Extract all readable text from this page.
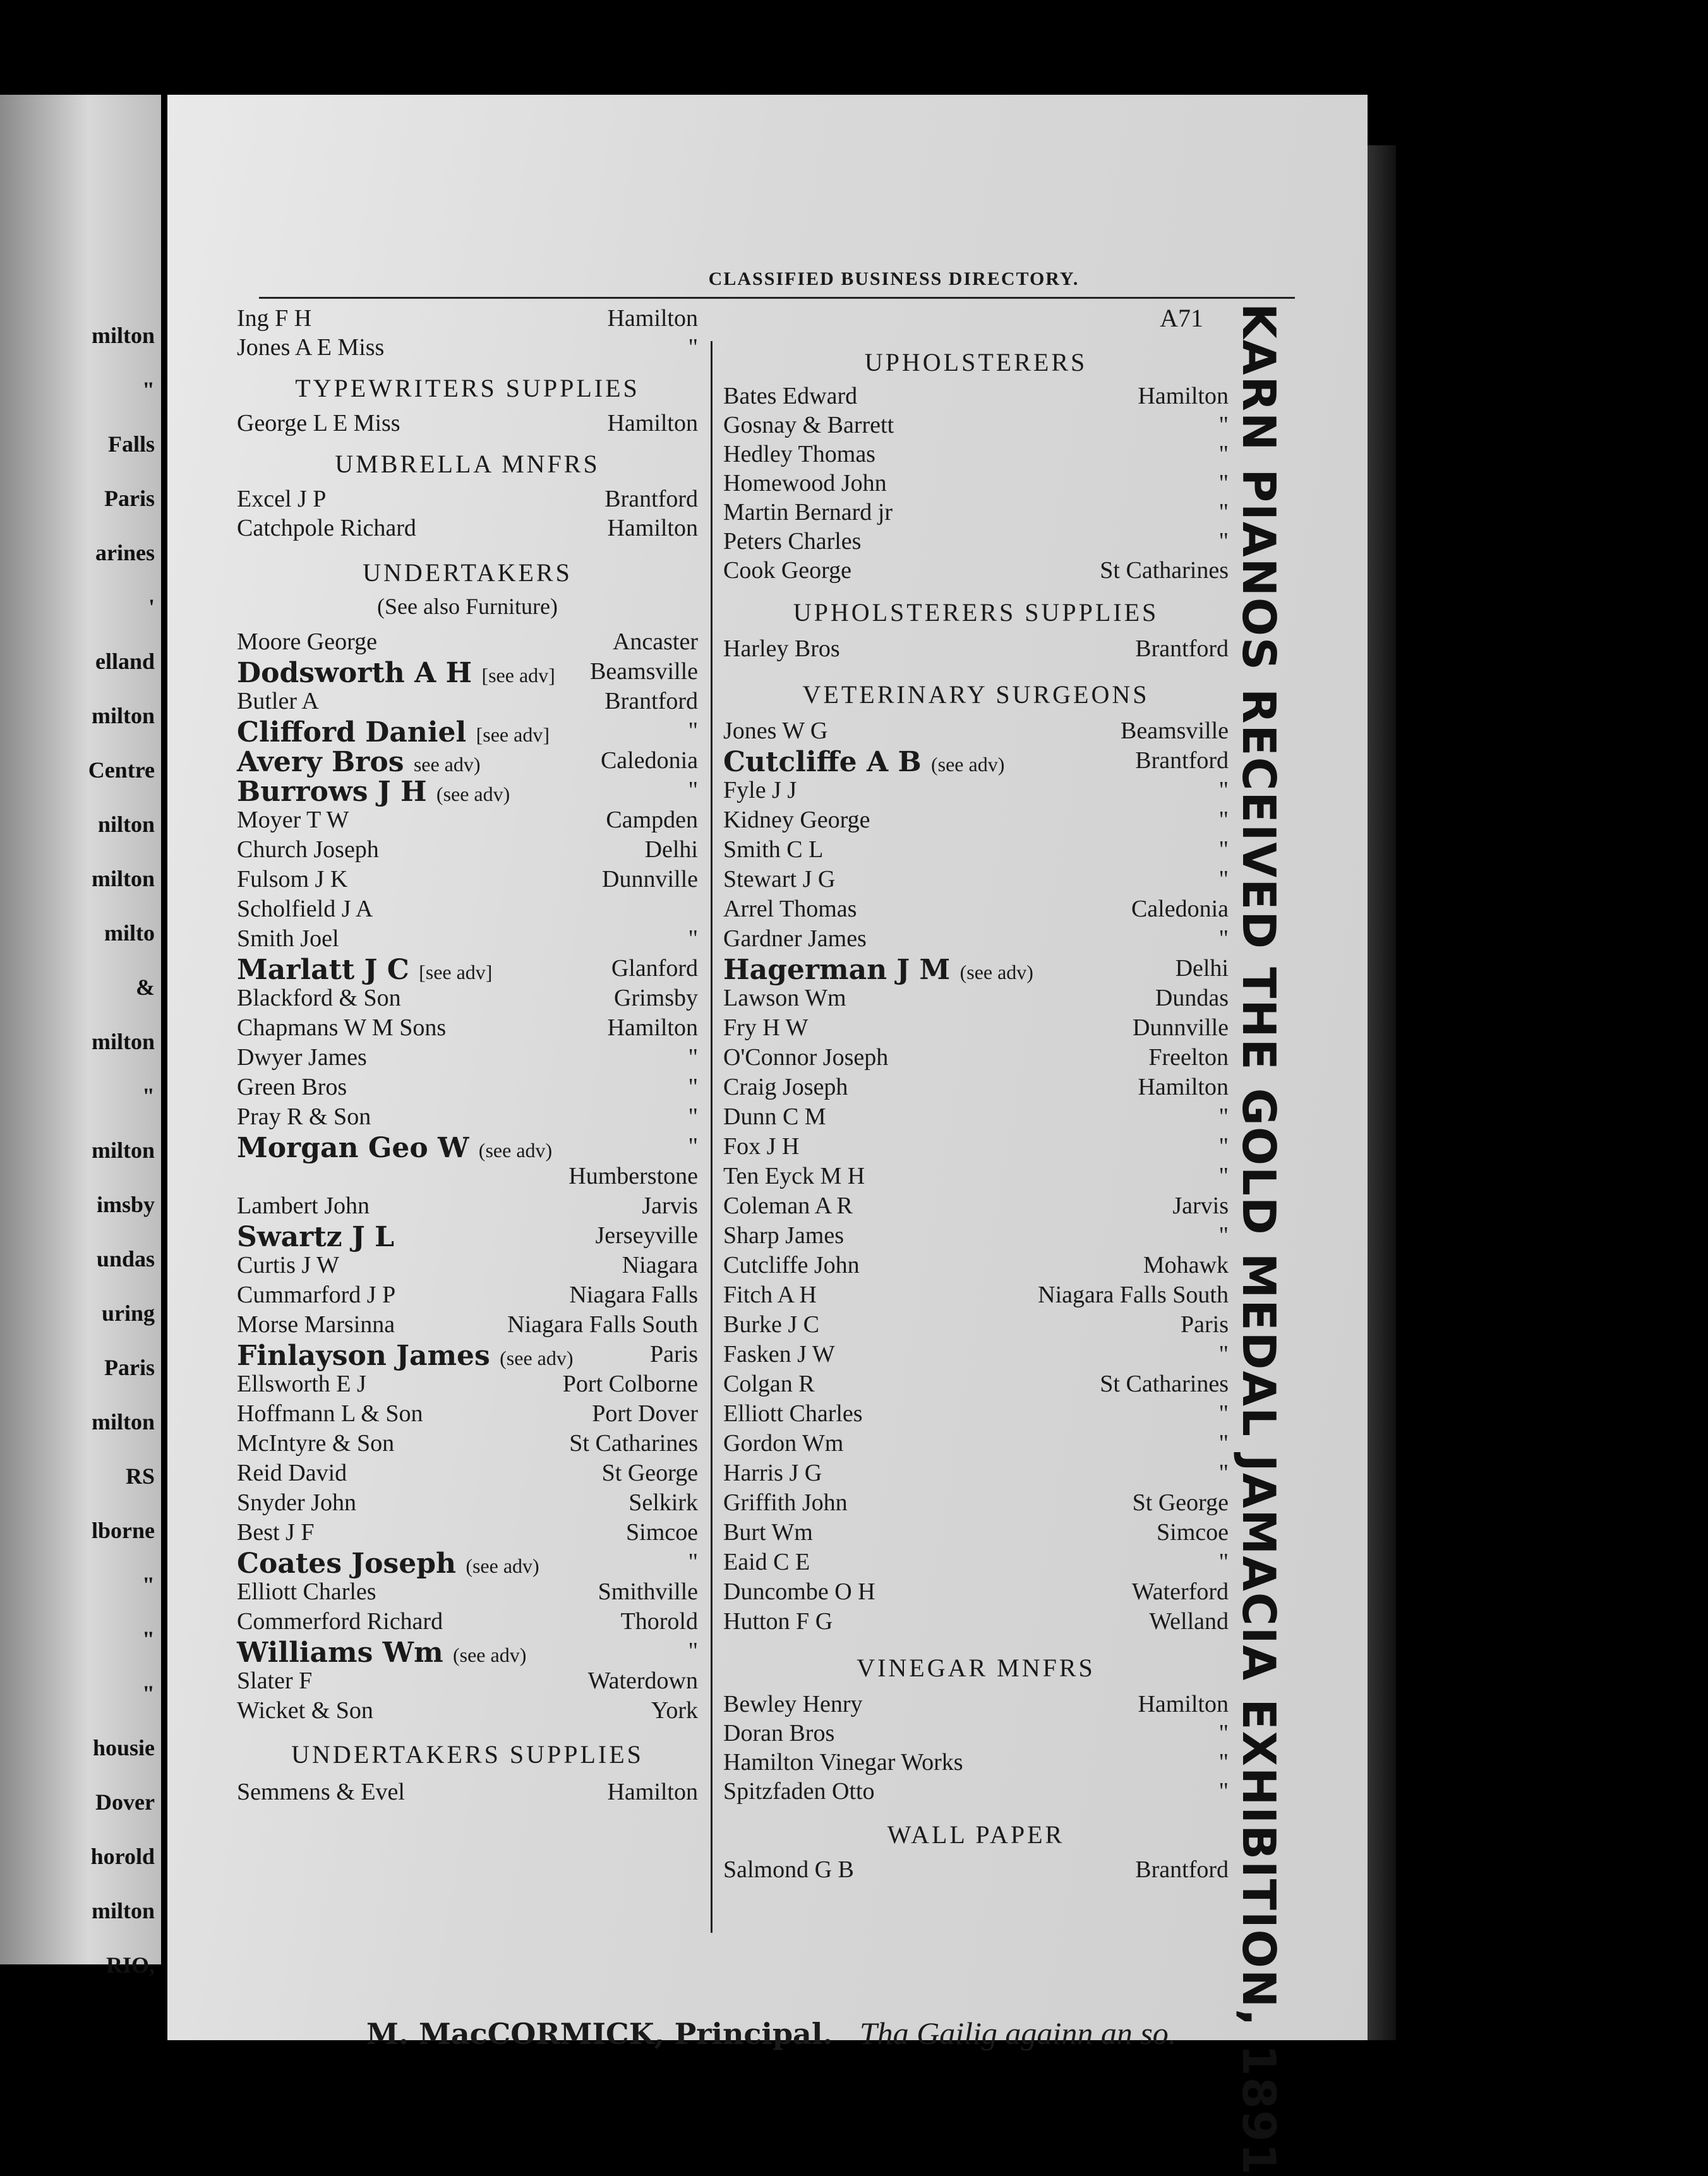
milton
"
Falls
Paris
arines
'
elland
milton
Centre
nilton
milton
milto
&
milton
"
milton
imsby
undas
uring
Paris
milton
RS
lborne
"
"
"
housie
Dover
horold
milton
RIO,
CLASSIFIED BUSINESS DIRECTORY.
A71
Ing F H	Hamilton
Jones A E Miss	"
TYPEWRITERS SUPPLIES
George L E Miss	Hamilton
UMBRELLA MNFRS
Excel J P	Brantford
Catchpole Richard	Hamilton
UNDERTAKERS
(See also Furniture)
Moore George	Ancaster
Dodsworth A H [see adv] Beamsville
Butler A	Brantford
Clifford Daniel [see adv]	"
Avery Bros see adv)	Caledonia
Burrows J H (see adv)	"
Moyer T W	Campden
Church Joseph	Delhi
Fulsom J K	Dunnville
Scholfield J A
Smith Joel	"
Marlatt J C [see adv]	Glanford
Blackford & Son	Grimsby
Chapmans W M Sons	Hamilton
Dwyer James	"
Green Bros	"
Pray R & Son	"
Morgan Geo W (see adv)	"
Humberstone
Lambert John	Jarvis
Swartz J L	Jerseyville
Curtis J W	Niagara
Cummarford J P	Niagara Falls
Morse Marsinna	Niagara Falls South
Finlayson James (see adv)	Paris
Ellsworth E J	Port Colborne
Hoffmann L & Son	Port Dover
McIntyre & Son	St Catharines
Reid David	St George
Snyder John	Selkirk
Best J F	Simcoe
Coates Joseph (see adv)	"
Elliott Charles	Smithville
Commerford Richard	Thorold
Williams Wm (see adv)	"
Slater F	Waterdown
Wicket & Son	York
UNDERTAKERS SUPPLIES
Semmens & Evel	Hamilton
UPHOLSTERERS
Bates Edward	Hamilton
Gosnay & Barrett	"
Hedley Thomas	"
Homewood John	"
Martin Bernard jr	"
Peters Charles	"
Cook George	St Catharines
UPHOLSTERERS SUPPLIES
Harley Bros	Brantford
VETERINARY SURGEONS
Jones W G	Beamsville
Cutcliffe A B (see adv)	Brantford
Fyle J J	"
Kidney George	"
Smith C L	"
Stewart J G	"
Arrel Thomas	Caledonia
Gardner James	"
Hagerman J M (see adv)	Delhi
Lawson Wm	Dundas
Fry H W	Dunnville
O'Connor Joseph	Freelton
Craig Joseph	Hamilton
Dunn C M	"
Fox J H	"
Ten Eyck M H	"
Coleman A R	Jarvis
Sharp James	"
Cutcliffe John	Mohawk
Fitch A H	Niagara Falls South
Burke J C	Paris
Fasken J W	"
Colgan R	St Catharines
Elliott Charles	"
Gordon Wm	"
Harris J G	"
Griffith John	St George
Burt Wm	Simcoe
Eaid C E	"
Duncombe O H	Waterford
Hutton F G	Welland
VINEGAR MNFRS
Bewley Henry	Hamilton
Doran Bros	"
Hamilton Vinegar Works	"
Spitzfaden Otto	"
WALL PAPER
Salmond G B	Brantford
M. MacCORMICK, Principal. Tha Gailig againn an so.	KARN PIANOS RECEIVED THE GOLD MEDAL JAMACIA EXHIBITION, 1891
